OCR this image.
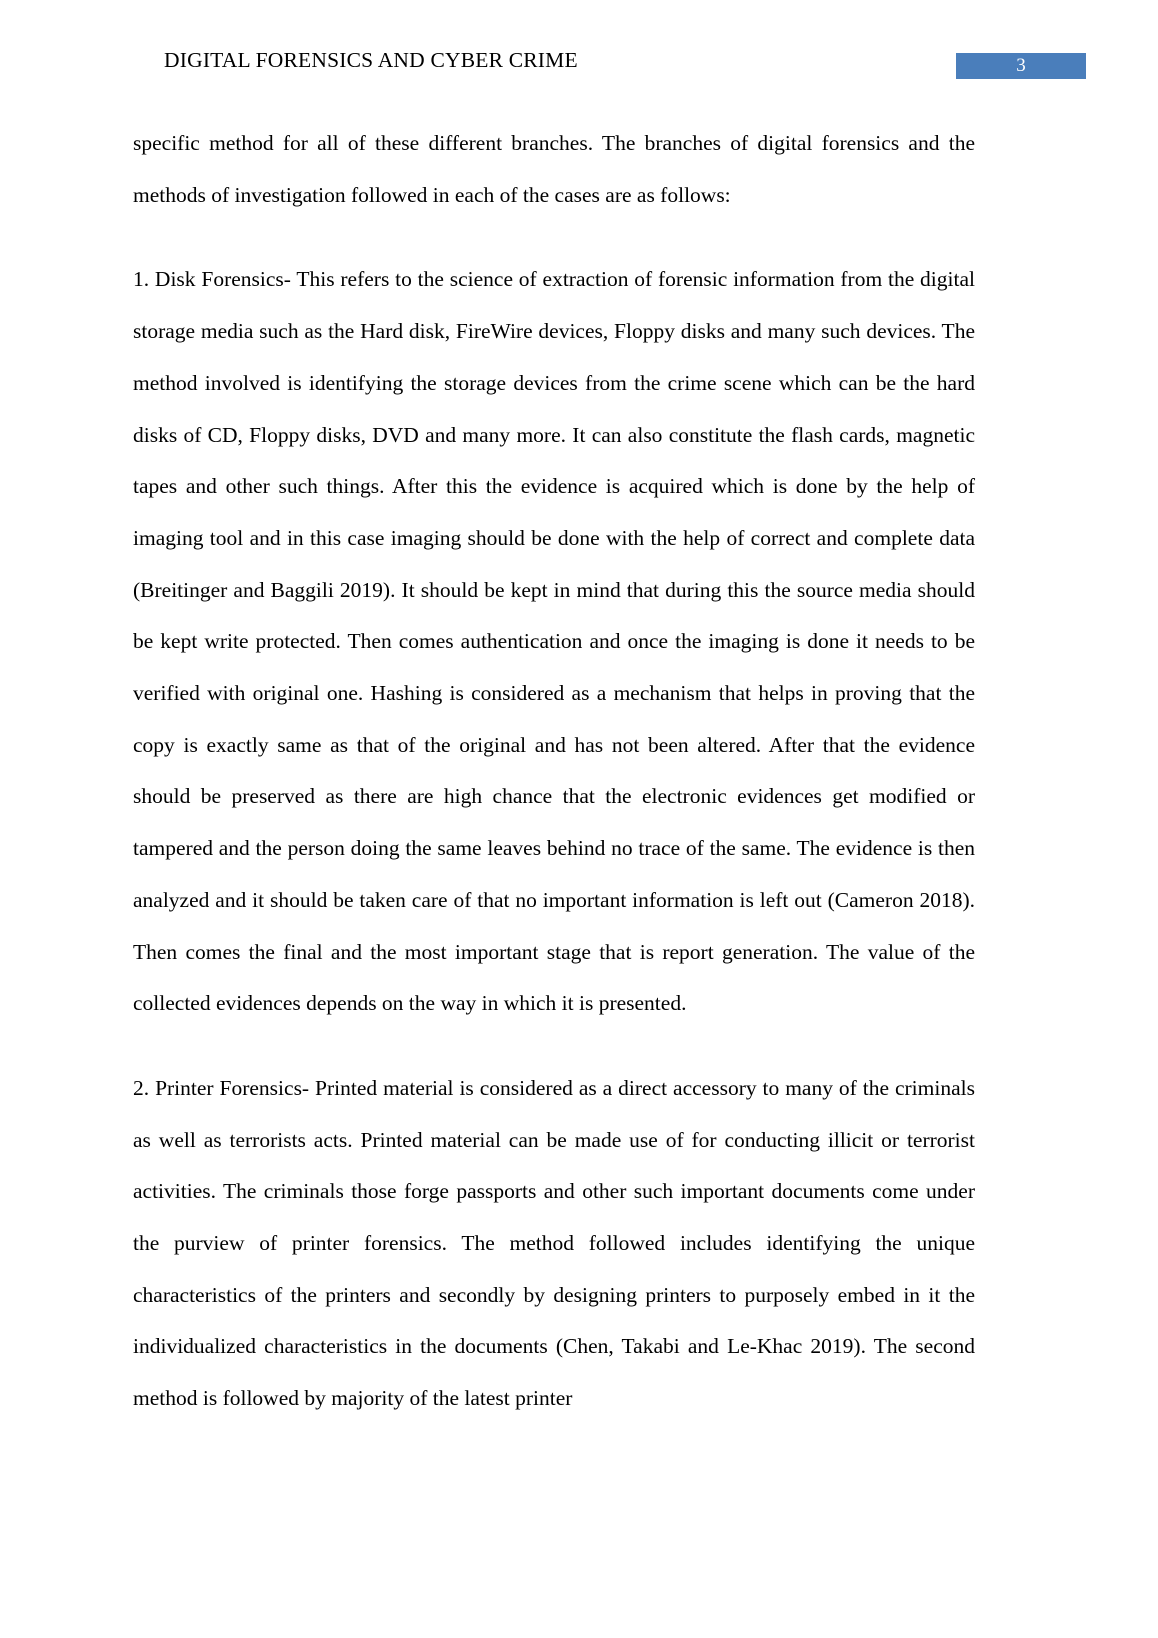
DIGITAL FORENSICS AND CYBER CRIME	3

specific method for all of these different branches. The branches of digital forensics and the methods of investigation followed in each of the cases are as follows:

1. Disk Forensics- This refers to the science of extraction of forensic information from the digital storage media such as the Hard disk, FireWire devices, Floppy disks and many such devices. The method involved is identifying the storage devices from the crime scene which can be the hard disks of CD, Floppy disks, DVD and many more. It can also constitute the flash cards, magnetic tapes and other such things. After this the evidence is acquired which is done by the help of imaging tool and in this case imaging should be done with the help of correct and complete data (Breitinger and Baggili 2019). It should be kept in mind that during this the source media should be kept write protected. Then comes authentication and once the imaging is done it needs to be verified with original one. Hashing is considered as a mechanism that helps in proving that the copy is exactly same as that of the original and has not been altered. After that the evidence should be preserved as there are high chance that the electronic evidences get modified or tampered and the person doing the same leaves behind no trace of the same. The evidence is then analyzed and it should be taken care of that no important information is left out (Cameron 2018). Then comes the final and the most important stage that is report generation. The value of the collected evidences depends on the way in which it is presented.

2. Printer Forensics- Printed material is considered as a direct accessory to many of the criminals as well as terrorists acts. Printed material can be made use of for conducting illicit or terrorist activities. The criminals those forge passports and other such important documents come under the purview of printer forensics. The method followed includes identifying the unique characteristics of the printers and secondly by designing printers to purposely embed in it the individualized characteristics in the documents (Chen, Takabi and Le-Khac 2019). The second method is followed by majority of the latest printer
